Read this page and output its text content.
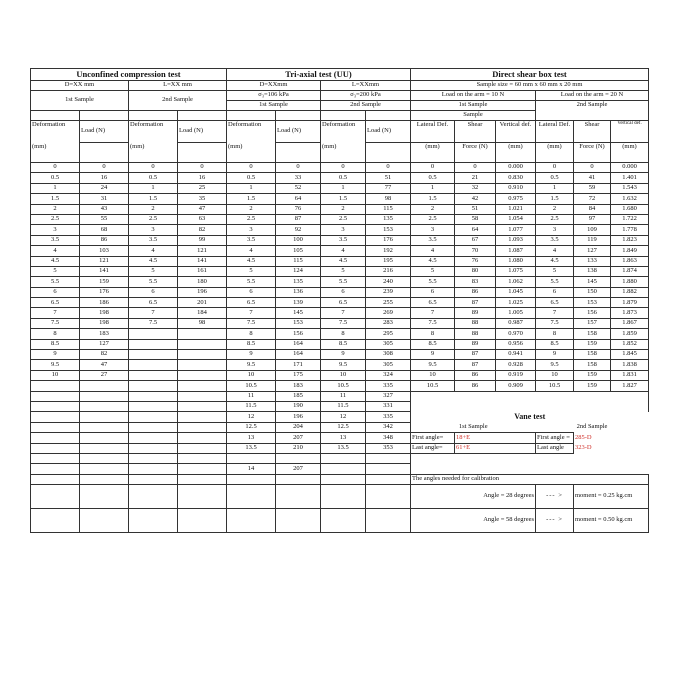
Unconfined compression test				Tri-axial test (UU)				Direct shear box test					
D=XX mm		L=XX mm		D=XXmm		L=XXmm		Sample size = 60 mm x 60 mm x 20 mm					
1st Sample		2nd Sample		σ₃=106 kPa		σ₃=200 kPa		Load on the arm = 10 N			Load on the arm = 20 N		
				1st Sample		2nd Sample		1st Sample			2nd Sample		
								Sample					
Deformation	Load (N)	Deformation	Load (N)	Deformation	Load (N)	Deformation	Load (N)	Lateral Def.	Shear	Vertical def.	Lateral Def.	Shear	Vertical def.
(mm)		(mm)		(mm)		(mm)		(mm)	Force (N)	(mm)	(mm)	Force (N)	(mm)
0	0	0	0	0	0	0	0	0	0	0.000	0	0	0.000
0.5	16	0.5	16	0.5	33	0.5	51	0.5	21	0.830	0.5	41	1.401
1	24	1	25	1	52	1	77	1	32	0.910	1	59	1.543
1.5	31	1.5	35	1.5	64	1.5	98	1.5	42	0.975	1.5	72	1.632
2	43	2	47	2	76	2	115	2	51	1.021	2	84	1.680
2.5	55	2.5	63	2.5	87	2.5	135	2.5	58	1.054	2.5	97	1.722
3	68	3	82	3	92	3	153	3	64	1.077	3	109	1.778
3.5	86	3.5	99	3.5	100	3.5	176	3.5	67	1.093	3.5	119	1.823
4	103	4	121	4	105	4	192	4	70	1.087	4	127	1.849
4.5	121	4.5	141	4.5	115	4.5	195	4.5	76	1.080	4.5	133	1.863
5	141	5	161	5	124	5	216	5	80	1.075	5	138	1.874
5.5	159	5.5	180	5.5	135	5.5	240	5.5	83	1.062	5.5	145	1.880
6	176	6	196	6	136	6	239	6	86	1.045	6	150	1.882
6.5	186	6.5	201	6.5	139	6.5	255	6.5	87	1.025	6.5	153	1.879
7	198	7	184	7	145	7	269	7	89	1.005	7	156	1.873
7.5	198	7.5	98	7.5	153	7.5	283	7.5	88	0.987	7.5	157	1.867
8	183			8	156	8	295	8	88	0.970	8	158	1.859
8.5	127			8.5	164	8.5	305	8.5	89	0.956	8.5	159	1.852
9	82			9	164	9	308	9	87	0.941	9	158	1.845
9.5	47			9.5	171	9.5	305	9.5	87	0.928	9.5	158	1.838
10	27			10	175	10	324	10	86	0.919	10	159	1.831
				10.5	183	10.5	335	10.5	86	0.909	10.5	159	1.827
				11	185	11	327						
				11.5	190	11.5	331						
				12	196	12	335	Vane test					
				12.5	204	12.5	342	1st Sample			2nd Sample		
				13	207	13	348	First angle=	18+E		First angle =	285-D	
				13.5	210	13.5	353	Last angle=	61+E		Last angle	323-D	

				14	207								
								The angles needed for calibration					
								Angle = 28 degrees			--- >	moment = 0.25 kg.cm	
								Angle = 58 degrees			--- >	moment = 0.50 kg.cm	
